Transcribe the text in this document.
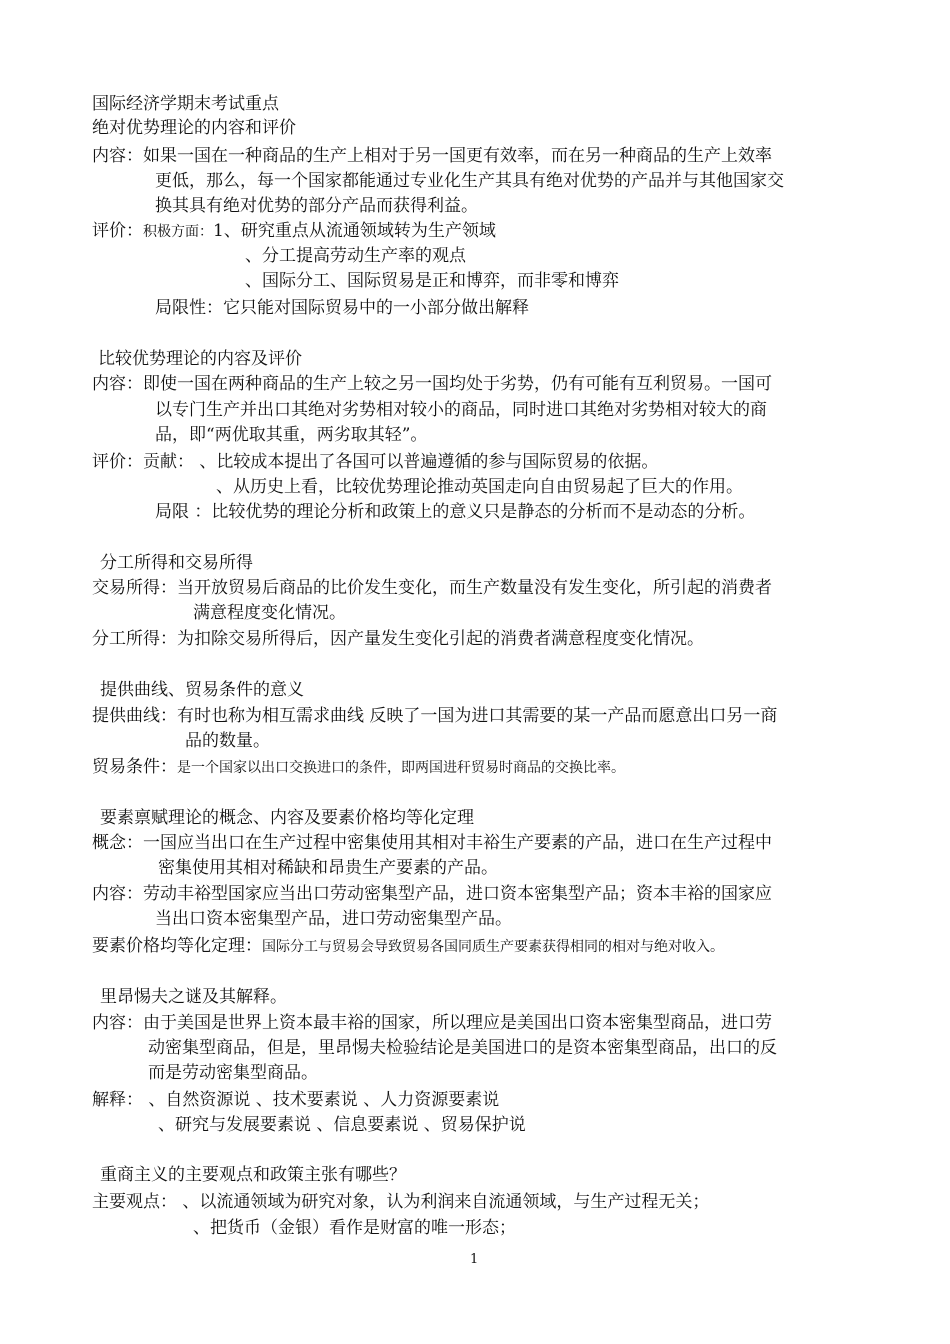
国际经济学期末考试重点
绝对优势理论的内容和评价
内容：如果一国在一种商品的生产上相对于另一国更有效率，而在另一种商品的生产上效率
更低，那么，每一个国家都能通过专业化生产其具有绝对优势的产品并与其他国家交
换其具有绝对优势的部分产品而获得利益。
评价：积极方面：1、研究重点从流通领域转为生产领域
、分工提高劳动生产率的观点
、国际分工、国际贸易是正和博弈，而非零和博弈
局限性：它只能对国际贸易中的一小部分做出解释
比较优势理论的内容及评价
内容：即使一国在两种商品的生产上较之另一国均处于劣势，仍有可能有互利贸易。一国可
以专门生产并出口其绝对劣势相对较小的商品，同时进口其绝对劣势相对较大的商
品，即“两优取其重，两劣取其轻”。
评价：贡献： 、比较成本提出了各国可以普遍遵循的参与国际贸易的依据。
、从历史上看，比较优势理论推动英国走向自由贸易起了巨大的作用。
局限 ：比较优势的理论分析和政策上的意义只是静态的分析而不是动态的分析。
分工所得和交易所得
交易所得：当开放贸易后商品的比价发生变化，而生产数量没有发生变化，所引起的消费者
满意程度变化情况。
分工所得：为扣除交易所得后，因产量发生变化引起的消费者满意程度变化情况。
提供曲线、贸易条件的意义
提供曲线：有时也称为相互需求曲线 反映了一国为进口其需要的某一产品而愿意出口另一商
品的数量。
贸易条件：是一个国家以出口交换进口的条件，即两国进秆贸易时商品的交换比率。
要素禀赋理论的概念、内容及要素价格均等化定理
概念：一国应当出口在生产过程中密集使用其相对丰裕生产要素的产品，进口在生产过程中
密集使用其相对稀缺和昂贵生产要素的产品。
内容：劳动丰裕型国家应当出口劳动密集型产品，进口资本密集型产品；资本丰裕的国家应
当出口资本密集型产品，进口劳动密集型产品。
要素价格均等化定理：国际分工与贸易会导致贸易各国同质生产要素获得相同的相对与绝对收入。
里昂惕夫之谜及其解释。
内容：由于美国是世界上资本最丰裕的国家，所以理应是美国出口资本密集型商品，进口劳
动密集型商品，但是，里昂惕夫检验结论是美国进口的是资本密集型商品，出口的反
而是劳动密集型商品。
解释： 、自然资源说 、技术要素说 、人力资源要素说
、研究与发展要素说 、信息要素说 、贸易保护说
重商主义的主要观点和政策主张有哪些？
主要观点： 、以流通领域为研究对象，认为利润来自流通领域，与生产过程无关；
、把货币（金银）看作是财富的唯一形态；
1
